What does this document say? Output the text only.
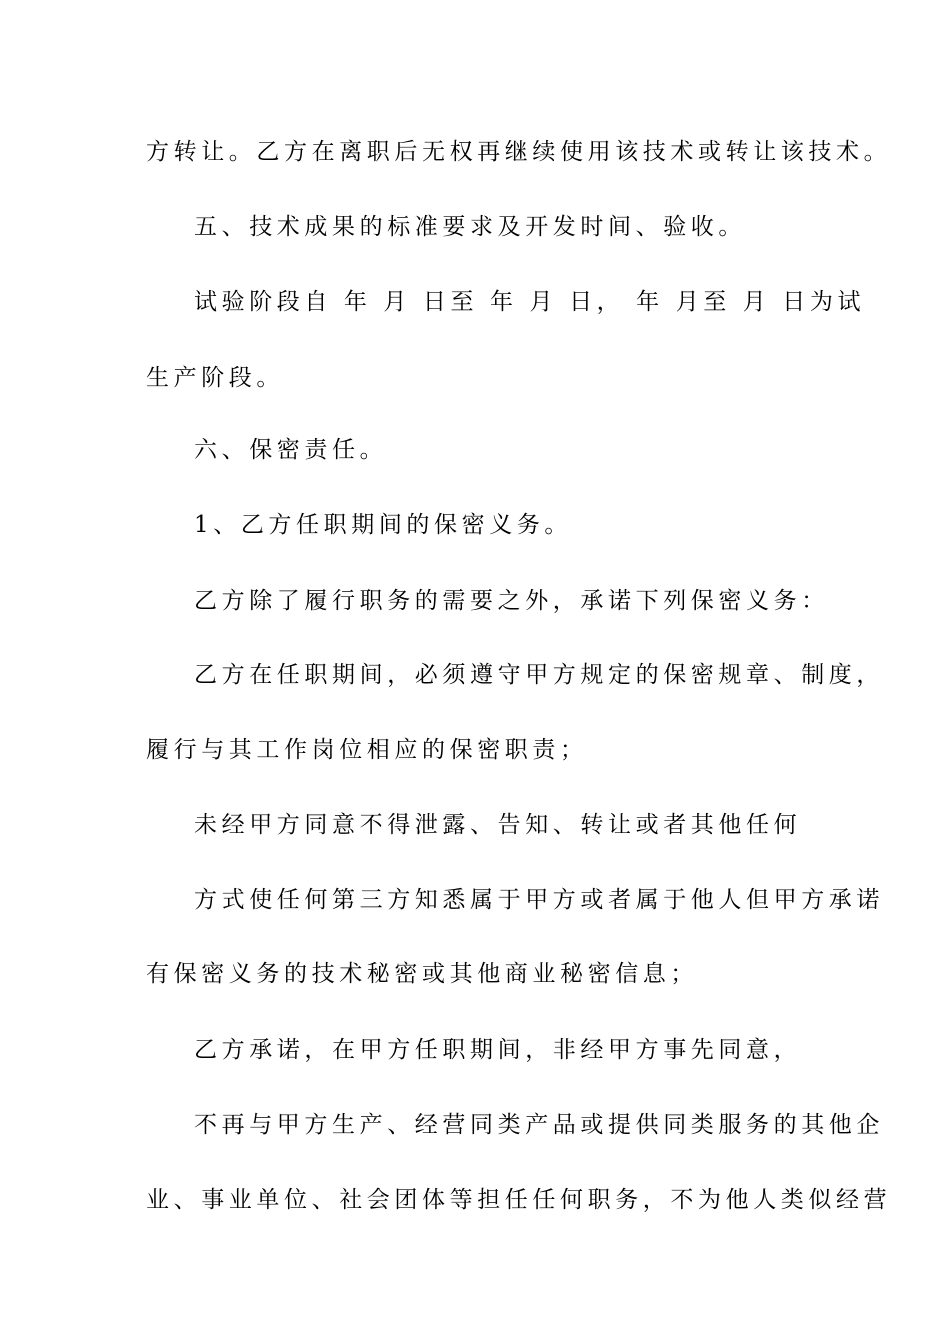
方转让。乙方在离职后无权再继续使用该技术或转让该技术。
五、技术成果的标准要求及开发时间、验收。
试验阶段自 年 月 日至 年 月 日， 年 月至 月 日为试
生产阶段。
六、保密责任。
1、乙方任职期间的保密义务。
乙方除了履行职务的需要之外，承诺下列保密义务：
乙方在任职期间，必须遵守甲方规定的保密规章、制度，
履行与其工作岗位相应的保密职责；
未经甲方同意不得泄露、告知、转让或者其他任何
方式使任何第三方知悉属于甲方或者属于他人但甲方承诺
有保密义务的技术秘密或其他商业秘密信息；
乙方承诺，在甲方任职期间，非经甲方事先同意，
不再与甲方生产、经营同类产品或提供同类服务的其他企
业、事业单位、社会团体等担任任何职务，不为他人类似经营
